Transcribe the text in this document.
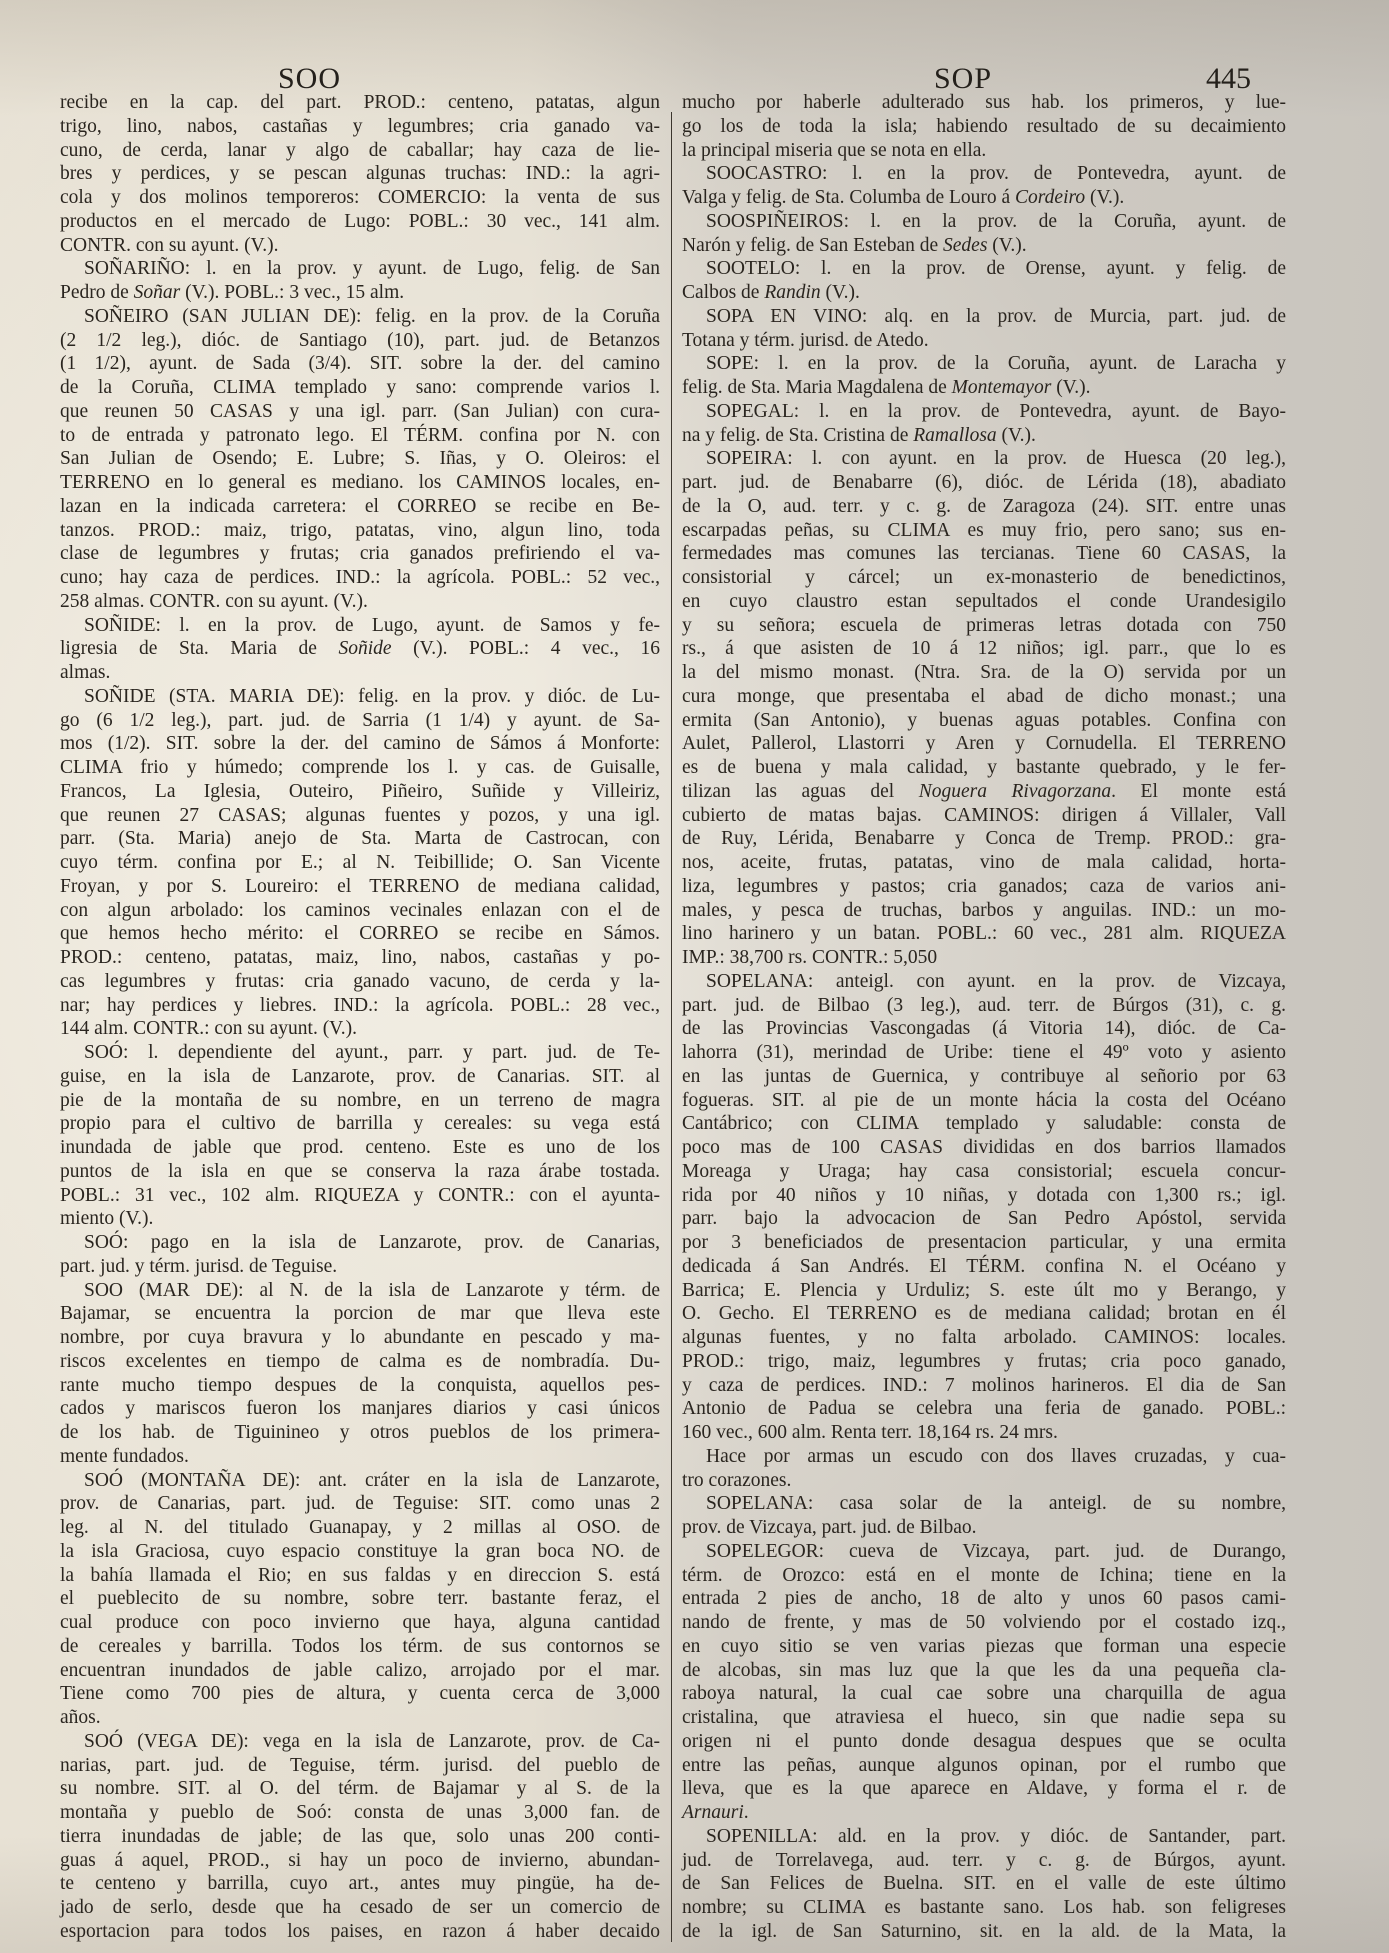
SOO	SOP	445
recibe en la cap. del part. PROD.: centeno, patatas, algun
trigo, lino, nabos, castañas y legumbres; cria ganado va-
cuno, de cerda, lanar y algo de caballar; hay caza de lie-
bres y perdices, y se pescan algunas truchas: IND.: la agri-
cola y dos molinos temporeros: COMERCIO: la venta de sus
productos en el mercado de Lugo: POBL.: 30 vec., 141 alm.
CONTR. con su ayunt. (V.).
SOÑARIÑO: l. en la prov. y ayunt. de Lugo, felig. de San
Pedro de Soñar (V.). POBL.: 3 vec., 15 alm.
SOÑEIRO (SAN JULIAN DE): felig. en la prov. de la Coruña
(2 1/2 leg.), dióc. de Santiago (10), part. jud. de Betanzos
(1 1/2), ayunt. de Sada (3/4). SIT. sobre la der. del camino
de la Coruña, CLIMA templado y sano: comprende varios l.
que reunen 50 CASAS y una igl. parr. (San Julian) con cura-
to de entrada y patronato lego. El TÉRM. confina por N. con
San Julian de Osendo; E. Lubre; S. Iñas, y O. Oleiros: el
TERRENO en lo general es mediano. los CAMINOS locales, en-
lazan en la indicada carretera: el CORREO se recibe en Be-
tanzos. PROD.: maiz, trigo, patatas, vino, algun lino, toda
clase de legumbres y frutas; cria ganados prefiriendo el va-
cuno; hay caza de perdices. IND.: la agrícola. POBL.: 52 vec.,
258 almas. CONTR. con su ayunt. (V.).
SOÑIDE: l. en la prov. de Lugo, ayunt. de Samos y fe-
ligresia de Sta. Maria de Soñide (V.). POBL.: 4 vec., 16
almas.
SOÑIDE (STA. MARIA DE): felig. en la prov. y dióc. de Lu-
go (6 1/2 leg.), part. jud. de Sarria (1 1/4) y ayunt. de Sa-
mos (1/2). SIT. sobre la der. del camino de Sámos á Monforte:
CLIMA frio y húmedo; comprende los l. y cas. de Guisalle,
Francos, La Iglesia, Outeiro, Piñeiro, Suñide y Villeiriz,
que reunen 27 CASAS; algunas fuentes y pozos, y una igl.
parr. (Sta. Maria) anejo de Sta. Marta de Castrocan, con
cuyo térm. confina por E.; al N. Teibillide; O. San Vicente
Froyan, y por S. Loureiro: el TERRENO de mediana calidad,
con algun arbolado: los caminos vecinales enlazan con el de
que hemos hecho mérito: el CORREO se recibe en Sámos.
PROD.: centeno, patatas, maiz, lino, nabos, castañas y po-
cas legumbres y frutas: cria ganado vacuno, de cerda y la-
nar; hay perdices y liebres. IND.: la agrícola. POBL.: 28 vec.,
144 alm. CONTR.: con su ayunt. (V.).
SOÓ: l. dependiente del ayunt., parr. y part. jud. de Te-
guise, en la isla de Lanzarote, prov. de Canarias. SIT. al
pie de la montaña de su nombre, en un terreno de magra
propio para el cultivo de barrilla y cereales: su vega está
inundada de jable que prod. centeno. Este es uno de los
puntos de la isla en que se conserva la raza árabe tostada.
POBL.: 31 vec., 102 alm. RIQUEZA y CONTR.: con el ayunta-
miento (V.).
SOÓ: pago en la isla de Lanzarote, prov. de Canarias,
part. jud. y térm. jurisd. de Teguise.
SOO (MAR DE): al N. de la isla de Lanzarote y térm. de
Bajamar, se encuentra la porcion de mar que lleva este
nombre, por cuya bravura y lo abundante en pescado y ma-
riscos excelentes en tiempo de calma es de nombradía. Du-
rante mucho tiempo despues de la conquista, aquellos pes-
cados y mariscos fueron los manjares diarios y casi únicos
de los hab. de Tiguinineo y otros pueblos de los primera-
mente fundados.
SOÓ (MONTAÑA DE): ant. cráter en la isla de Lanzarote,
prov. de Canarias, part. jud. de Teguise: SIT. como unas 2
leg. al N. del titulado Guanapay, y 2 millas al OSO. de
la isla Graciosa, cuyo espacio constituye la gran boca NO. de
la bahía llamada el Rio; en sus faldas y en direccion S. está
el pueblecito de su nombre, sobre terr. bastante feraz, el
cual produce con poco invierno que haya, alguna cantidad
de cereales y barrilla. Todos los térm. de sus contornos se
encuentran inundados de jable calizo, arrojado por el mar.
Tiene como 700 pies de altura, y cuenta cerca de 3,000
años.
SOÓ (VEGA DE): vega en la isla de Lanzarote, prov. de Ca-
narias, part. jud. de Teguise, térm. jurisd. del pueblo de
su nombre. SIT. al O. del térm. de Bajamar y al S. de la
montaña y pueblo de Soó: consta de unas 3,000 fan. de
tierra inundadas de jable; de las que, solo unas 200 conti-
guas á aquel, PROD., si hay un poco de invierno, abundan-
te centeno y barrilla, cuyo art., antes muy pingüe, ha de-
jado de serlo, desde que ha cesado de ser un comercio de
esportacion para todos los paises, en razon á haber decaido
mucho por haberle adulterado sus hab. los primeros, y lue-
go los de toda la isla; habiendo resultado de su decaimiento
la principal miseria que se nota en ella.
SOOCASTRO: l. en la prov. de Pontevedra, ayunt. de
Valga y felig. de Sta. Columba de Louro á Cordeiro (V.).
SOOSPIÑEIROS: l. en la prov. de la Coruña, ayunt. de
Narón y felig. de San Esteban de Sedes (V.).
SOOTELO: l. en la prov. de Orense, ayunt. y felig. de
Calbos de Randin (V.).
SOPA EN VINO: alq. en la prov. de Murcia, part. jud. de
Totana y térm. jurisd. de Atedo.
SOPE: l. en la prov. de la Coruña, ayunt. de Laracha y
felig. de Sta. Maria Magdalena de Montemayor (V.).
SOPEGAL: l. en la prov. de Pontevedra, ayunt. de Bayo-
na y felig. de Sta. Cristina de Ramallosa (V.).
SOPEIRA: l. con ayunt. en la prov. de Huesca (20 leg.),
part. jud. de Benabarre (6), dióc. de Lérida (18), abadiato
de la O, aud. terr. y c. g. de Zaragoza (24). SIT. entre unas
escarpadas peñas, su CLIMA es muy frio, pero sano; sus en-
fermedades mas comunes las tercianas. Tiene 60 CASAS, la
consistorial y cárcel; un ex-monasterio de benedictinos,
en cuyo claustro estan sepultados el conde Urandesigilo
y su señora; escuela de primeras letras dotada con 750
rs., á que asisten de 10 á 12 niños; igl. parr., que lo es
la del mismo monast. (Ntra. Sra. de la O) servida por un
cura monge, que presentaba el abad de dicho monast.; una
ermita (San Antonio), y buenas aguas potables. Confina con
Aulet, Pallerol, Llastorri y Aren y Cornudella. El TERRENO
es de buena y mala calidad, y bastante quebrado, y le fer-
tilizan las aguas del Noguera Rivagorzana. El monte está
cubierto de matas bajas. CAMINOS: dirigen á Villaler, Vall
de Ruy, Lérida, Benabarre y Conca de Tremp. PROD.: gra-
nos, aceite, frutas, patatas, vino de mala calidad, horta-
liza, legumbres y pastos; cria ganados; caza de varios ani-
males, y pesca de truchas, barbos y anguilas. IND.: un mo-
lino harinero y un batan. POBL.: 60 vec., 281 alm. RIQUEZA
IMP.: 38,700 rs. CONTR.: 5,050
SOPELANA: anteigl. con ayunt. en la prov. de Vizcaya,
part. jud. de Bilbao (3 leg.), aud. terr. de Búrgos (31), c. g.
de las Provincias Vascongadas (á Vitoria 14), dióc. de Ca-
lahorra (31), merindad de Uribe: tiene el 49º voto y asiento
en las juntas de Guernica, y contribuye al señorio por 63
fogueras. SIT. al pie de un monte hácia la costa del Océano
Cantábrico; con CLIMA templado y saludable: consta de
poco mas de 100 CASAS divididas en dos barrios llamados
Moreaga y Uraga; hay casa consistorial; escuela concur-
rida por 40 niños y 10 niñas, y dotada con 1,300 rs.; igl.
parr. bajo la advocacion de San Pedro Apóstol, servida
por 3 beneficiados de presentacion particular, y una ermita
dedicada á San Andrés. El TÉRM. confina N. el Océano y
Barrica; E. Plencia y Urduliz; S. este últ mo y Berango, y
O. Gecho. El TERRENO es de mediana calidad; brotan en él
algunas fuentes, y no falta arbolado. CAMINOS: locales.
PROD.: trigo, maiz, legumbres y frutas; cria poco ganado,
y caza de perdices. IND.: 7 molinos harineros. El dia de San
Antonio de Padua se celebra una feria de ganado. POBL.:
160 vec., 600 alm. Renta terr. 18,164 rs. 24 mrs.
Hace por armas un escudo con dos llaves cruzadas, y cua-
tro corazones.
SOPELANA: casa solar de la anteigl. de su nombre,
prov. de Vizcaya, part. jud. de Bilbao.
SOPELEGOR: cueva de Vizcaya, part. jud. de Durango,
térm. de Orozco: está en el monte de Ichina; tiene en la
entrada 2 pies de ancho, 18 de alto y unos 60 pasos cami-
nando de frente, y mas de 50 volviendo por el costado izq.,
en cuyo sitio se ven varias piezas que forman una especie
de alcobas, sin mas luz que la que les da una pequeña cla-
raboya natural, la cual cae sobre una charquilla de agua
cristalina, que atraviesa el hueco, sin que nadie sepa su
origen ni el punto donde desagua despues que se oculta
entre las peñas, aunque algunos opinan, por el rumbo que
lleva, que es la que aparece en Aldave, y forma el r. de
Arnauri.
SOPENILLA: ald. en la prov. y dióc. de Santander, part.
jud. de Torrelavega, aud. terr. y c. g. de Búrgos, ayunt.
de San Felices de Buelna. SIT. en el valle de este último
nombre; su CLIMA es bastante sano. Los hab. son feligreses
de la igl. de San Saturnino, sit. en la ald. de la Mata, la
